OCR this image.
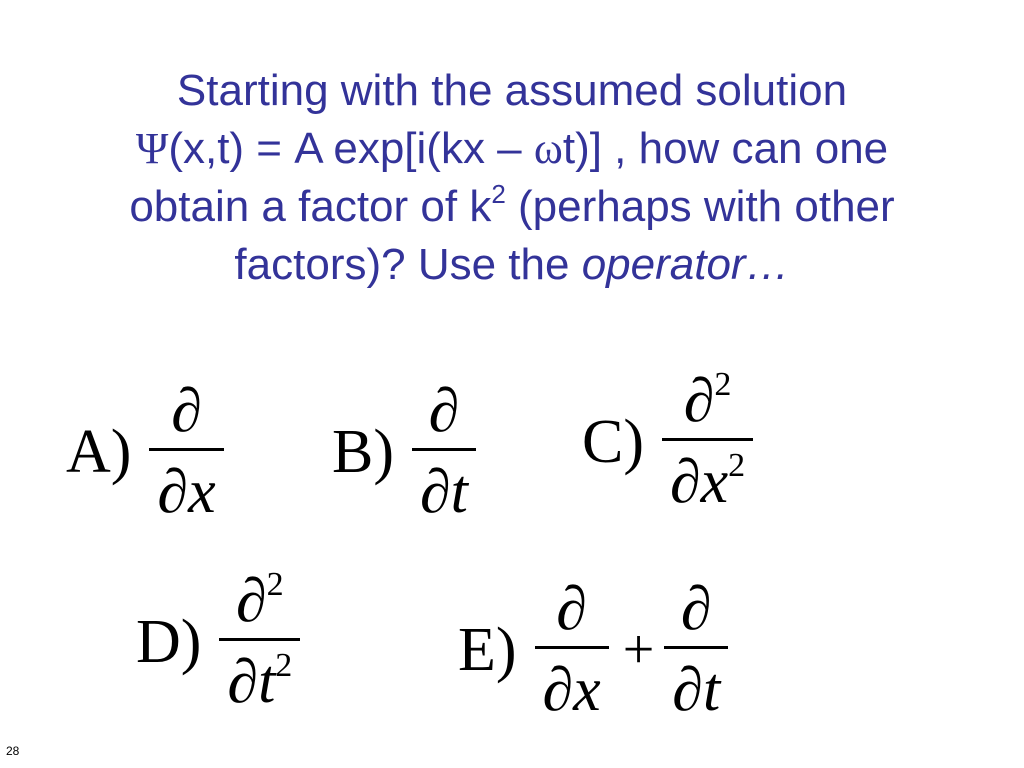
Starting with the assumed solution
Ψ(x,t) = A exp[i(kx – ωt)] , how can one
obtain a factor of $k^2$ (perhaps with other
factors)? Use the operator…
$A) \frac{\partial}{\partial x} B) \frac{\partial}{\partial t} C) \frac{\partial^2}{\partial x^2}$
$D) \frac{\partial^2}{\partial t^2}$	$E) \frac{\partial}{\partial x} + \frac{\partial}{\partial t}$
28
